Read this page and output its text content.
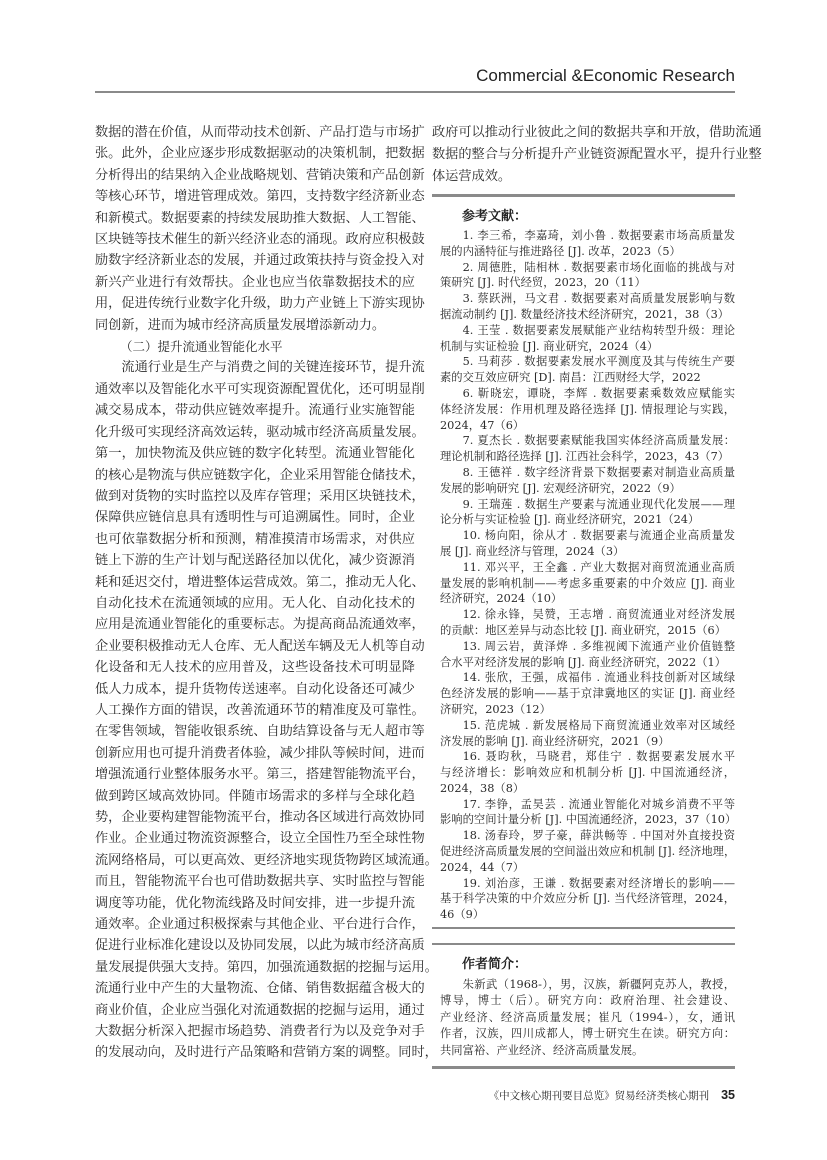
Commercial &Economic Research
数据的潜在价值，从而带动技术创新、产品打造与市场扩
张。此外，企业应逐步形成数据驱动的决策机制，把数据
分析得出的结果纳入企业战略规划、营销决策和产品创新
等核心环节，增进管理成效。第四，支持数字经济新业态
和新模式。数据要素的持续发展助推大数据、人工智能、
区块链等技术催生的新兴经济业态的涌现。政府应积极鼓
励数字经济新业态的发展，并通过政策扶持与资金投入对
新兴产业进行有效帮扶。企业也应当依靠数据技术的应
用，促进传统行业数字化升级，助力产业链上下游实现协
同创新，进而为城市经济高质量发展增添新动力。
（二）提升流通业智能化水平
流通行业是生产与消费之间的关键连接环节，提升流
通效率以及智能化水平可实现资源配置优化，还可明显削
减交易成本，带动供应链效率提升。流通行业实施智能
化升级可实现经济高效运转，驱动城市经济高质量发展。
第一，加快物流及供应链的数字化转型。流通业智能化
的核心是物流与供应链数字化，企业采用智能仓储技术，
做到对货物的实时监控以及库存管理；采用区块链技术，
保障供应链信息具有透明性与可追溯属性。同时，企业
也可依靠数据分析和预测，精准摸清市场需求，对供应
链上下游的生产计划与配送路径加以优化，减少资源消
耗和延迟交付，增进整体运营成效。第二，推动无人化、
自动化技术在流通领域的应用。无人化、自动化技术的
应用是流通业智能化的重要标志。为提高商品流通效率，
企业要积极推动无人仓库、无人配送车辆及无人机等自动
化设备和无人技术的应用普及，这些设备技术可明显降
低人力成本，提升货物传送速率。自动化设备还可减少
人工操作方面的错误，改善流通环节的精准度及可靠性。
在零售领域，智能收银系统、自助结算设备与无人超市等
创新应用也可提升消费者体验，减少排队等候时间，进而
增强流通行业整体服务水平。第三，搭建智能物流平台，
做到跨区域高效协同。伴随市场需求的多样与全球化趋
势，企业要构建智能物流平台，推动各区域进行高效协同
作业。企业通过物流资源整合，设立全国性乃至全球性物
流网络格局，可以更高效、更经济地实现货物跨区域流通。
而且，智能物流平台也可借助数据共享、实时监控与智能
调度等功能，优化物流线路及时间安排，进一步提升流
通效率。企业通过积极探索与其他企业、平台进行合作，
促进行业标准化建设以及协同发展，以此为城市经济高质
量发展提供强大支持。第四，加强流通数据的挖掘与运用。
流通行业中产生的大量物流、仓储、销售数据蕴含极大的
商业价值，企业应当强化对流通数据的挖掘与运用，通过
大数据分析深入把握市场趋势、消费者行为以及竞争对手
的发展动向，及时进行产品策略和营销方案的调整。同时，
政府可以推动行业彼此之间的数据共享和开放，借助流通
数据的整合与分析提升产业链资源配置水平，提升行业整
体运营成效。
参考文献：
1. 李三希，李嘉琦，刘小鲁 . 数据要素市场高质量发
展的内涵特征与推进路径 [J]. 改革，2023（5）
2. 周德胜，陆相林 . 数据要素市场化面临的挑战与对
策研究 [J]. 时代经贸，2023，20（11）
3. 蔡跃洲，马文君 . 数据要素对高质量发展影响与数
据流动制约 [J]. 数量经济技术经济研究，2021，38（3）
4. 王莹 . 数据要素发展赋能产业结构转型升级：理论
机制与实证检验 [J]. 商业研究，2024（4）
5. 马莉莎 . 数据要素发展水平测度及其与传统生产要
素的交互效应研究 [D]. 南昌：江西财经大学，2022
6. 靳晓宏，谭晓，李辉 . 数据要素乘数效应赋能实
体经济发展：作用机理及路径选择 [J]. 情报理论与实践，
2024，47（6）
7. 夏杰长 . 数据要素赋能我国实体经济高质量发展：
理论机制和路径选择 [J]. 江西社会科学，2023，43（7）
8. 王德祥 . 数字经济背景下数据要素对制造业高质量
发展的影响研究 [J]. 宏观经济研究，2022（9）
9. 王瑞莲 . 数据生产要素与流通业现代化发展——理
论分析与实证检验 [J]. 商业经济研究，2021（24）
10. 杨向阳，徐从才 . 数据要素与流通企业高质量发
展 [J]. 商业经济与管理，2024（3）
11. 邓兴平，王全鑫 . 产业大数据对商贸流通业高质
量发展的影响机制——考虑多重要素的中介效应 [J]. 商业
经济研究，2024（10）
12. 徐永锋，吴赞，王志增 . 商贸流通业对经济发展
的贡献：地区差异与动态比较 [J]. 商业研究，2015（6）
13. 周云岩，黄泽烨 . 多维视阈下流通产业价值链整
合水平对经济发展的影响 [J]. 商业经济研究，2022（1）
14. 张欣，王强，成福伟 . 流通业科技创新对区域绿
色经济发展的影响——基于京津冀地区的实证 [J]. 商业经
济研究，2023（12）
15. 范虎城 . 新发展格局下商贸流通业效率对区域经
济发展的影响 [J]. 商业经济研究，2021（9）
16. 聂昀秋，马晓君，郑佳宁 . 数据要素发展水平
与经济增长：影响效应和机制分析 [J]. 中国流通经济，
2024，38（8）
17. 李铮，孟昊芸 . 流通业智能化对城乡消费不平等
影响的空间计量分析 [J]. 中国流通经济，2023，37（10）
18. 汤春玲，罗子豪，薛洪畅等 . 中国对外直接投资
促进经济高质量发展的空间溢出效应和机制 [J]. 经济地理，
2024，44（7）
19. 刘治彦，王谦 . 数据要素对经济增长的影响——
基于科学决策的中介效应分析 [J]. 当代经济管理，2024，
46（9）
作者简介：
朱新武（1968-），男，汉族，新疆阿克苏人，教授，
博导，博士（后）。研究方向：政府治理、社会建设、
产业经济、经济高质量发展；崔凡（1994-），女，通讯
作者，汉族，四川成都人，博士研究生在读。研究方向：
共同富裕、产业经济、经济高质量发展。
《中文核心期刊要目总览》贸易经济类核心期刊 35
